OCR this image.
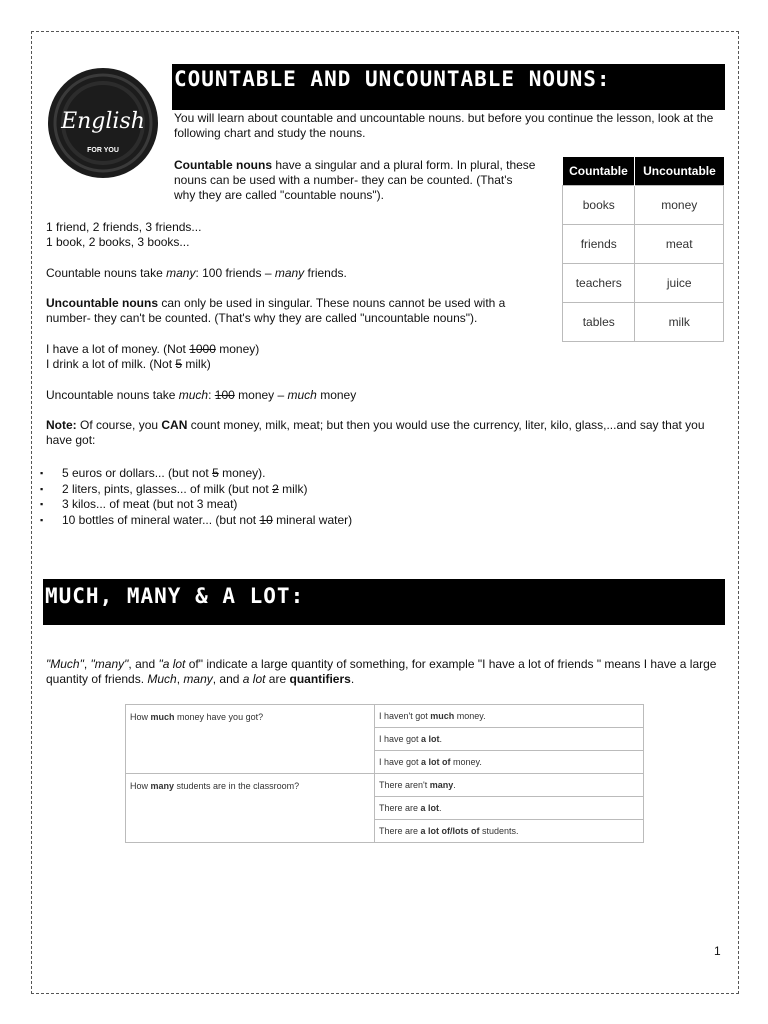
English
FOR YOU
COUNTABLE AND UNCOUNTABLE NOUNS:

You will learn about countable and uncountable nouns. but before you continue the lesson, look at the following chart and study the nouns.

Countable nouns have a singular and a plural form. In plural, these nouns can be used with a number- they can be counted. (That's why they are called "countable nouns").

1 friend, 2 friends, 3 friends...
1 book, 2 books, 3 books...

Countable nouns take many: 100 friends – many friends.

Uncountable nouns can only be used in singular. These nouns cannot be used with a number- they can't be counted. (That's why they are called "uncountable nouns").

I have a lot of money. (Not 1000 money)
I drink a lot of milk. (Not 5 milk)

Uncountable nouns take much: 100 money – much money

Note: Of course, you CAN count money, milk, meat; but then you would use the currency, liter, kilo, glass,...and say that you have got:

▪ 5 euros or dollars... (but not 5 money).
▪ 2 liters, pints, glasses... of milk (but not 2 milk)
▪ 3 kilos... of meat (but not 3 meat)
▪ 10 bottles of mineral water... (but not 10 mineral water)
Countable	Uncountable
books	money
friends	meat
teachers	juice
tables	milk
MUCH, MANY & A LOT:

"Much", "many", and "a lot of" indicate a large quantity of something, for example "I have a lot of friends " means I have a large quantity of friends. Much, many, and a lot are quantifiers.

How much money have you got?	I haven't got much money.
	I have got a lot.
	I have got a lot of money.
How many students are in the classroom?	There aren't many.
	There are a lot.
	There are a lot of/lots of students.
1
